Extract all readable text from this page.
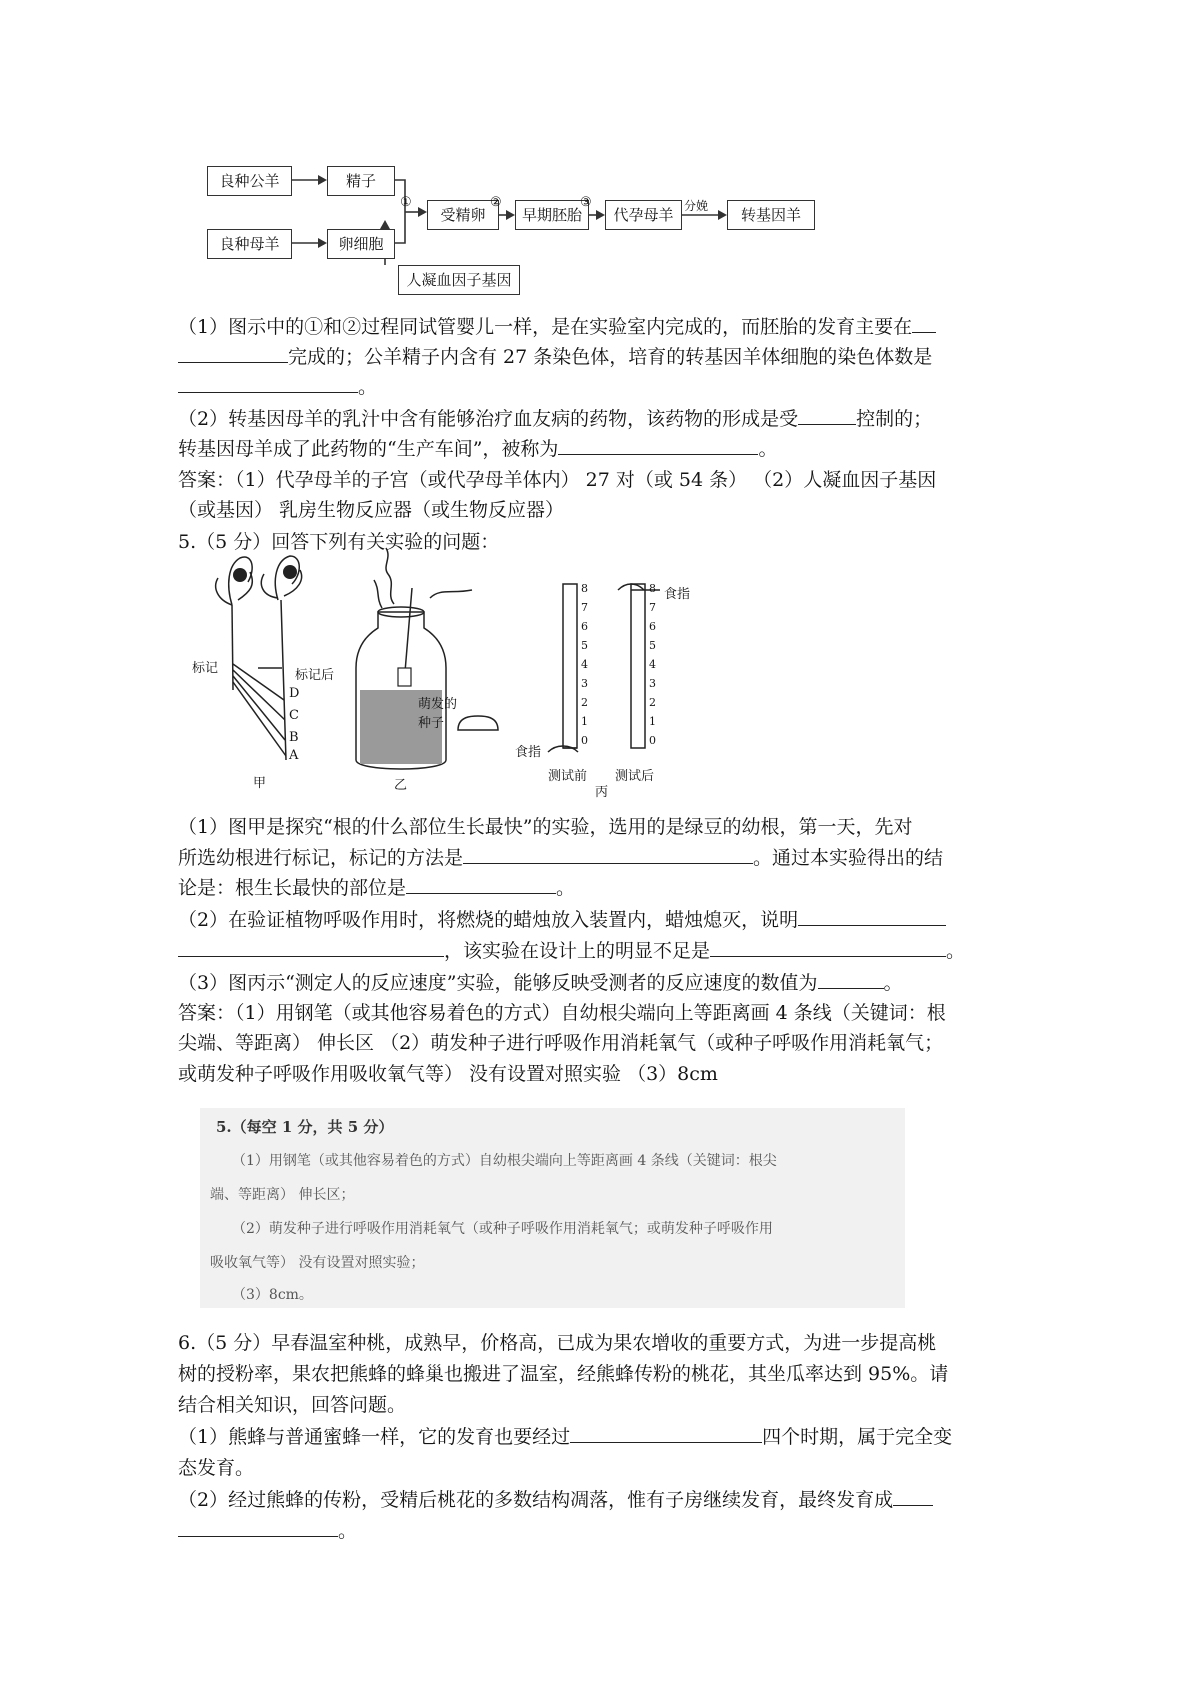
良种公羊
良种母羊
精子
卵细胞
受精卵	早期胚胎	代孕母羊	转基因羊
人凝血因子基因
①	②	③	分娩
（1）图示中的①和②过程同试管婴儿一样，是在实验室内完成的，而胚胎的发育主要在
完成的；公羊精子内含有 27 条染色体，培育的转基因羊体细胞的染色体数是
。
（2）转基因母羊的乳汁中含有能够治疗血友病的药物，该药物的形成是受	控制的；
转基因母羊成了此药物的“生产车间”，被称为	。
答案：（1）代孕母羊的子宫（或代孕母羊体内） 27 对（或 54 条） （2）人凝血因子基因
（或基因） 乳房生物反应器（或生物反应器）
5.（5 分）回答下列有关实验的问题：
标记	标记后
D
C
B
A
甲
萌发的
种子
乙
食指
食指
测试前 测试后
丙
8
7
6
5
4
3
2
1
0
8
7
6
5
4
3
2
1
0
（1）图甲是探究“根的什么部位生长最快”的实验，选用的是绿豆的幼根，第一天，先对
所选幼根进行标记，标记的方法是	。通过本实验得出的结
论是：根生长最快的部位是	。
（2）在验证植物呼吸作用时，将燃烧的蜡烛放入装置内，蜡烛熄灭，说明
，该实验在设计上的明显不足是	。
（3）图丙示“测定人的反应速度”实验，能够反映受测者的反应速度的数值为	。
答案：（1）用钢笔（或其他容易着色的方式）自幼根尖端向上等距离画 4 条线（关键词：根
尖端、等距离） 伸长区 （2）萌发种子进行呼吸作用消耗氧气（或种子呼吸作用消耗氧气；
或萌发种子呼吸作用吸收氧气等） 没有设置对照实验 （3）8cm
5.（每空 1 分，共 5 分）
（1）用钢笔（或其他容易着色的方式）自幼根尖端向上等距离画 4 条线（关键词：根尖
端、等距离） 伸长区；
（2）萌发种子进行呼吸作用消耗氧气（或种子呼吸作用消耗氧气；或萌发种子呼吸作用
吸收氧气等） 没有设置对照实验；
（3）8cm。
6.（5 分）早春温室种桃，成熟早，价格高，已成为果农增收的重要方式，为进一步提高桃
树的授粉率，果农把熊蜂的蜂巢也搬进了温室，经熊蜂传粉的桃花，其坐瓜率达到 95%。请
结合相关知识，回答问题。
（1）熊蜂与普通蜜蜂一样，它的发育也要经过	四个时期，属于完全变
态发育。
（2）经过熊蜂的传粉，受精后桃花的多数结构凋落，惟有子房继续发育，最终发育成
。
